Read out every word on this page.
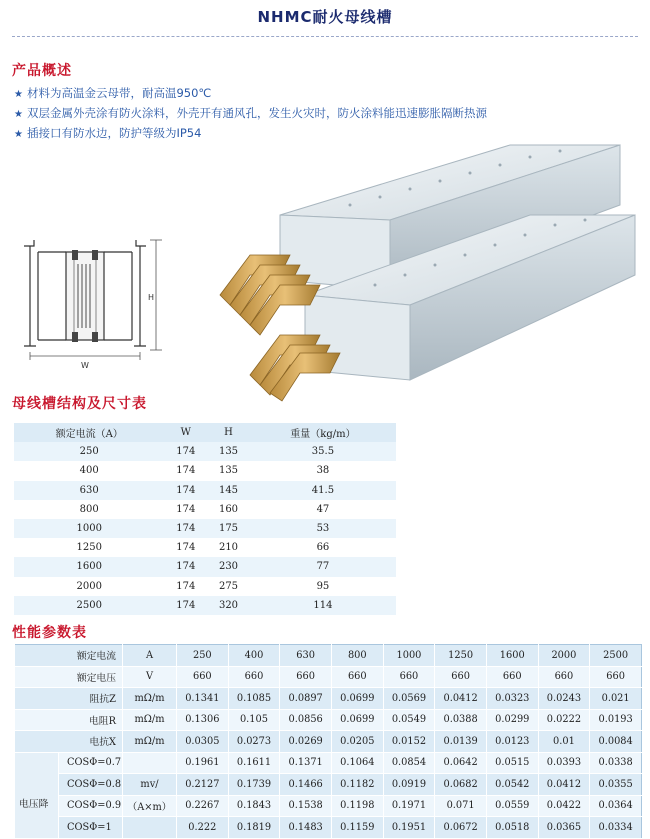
NHMC耐火母线槽
产品概述
★ 材料为高温金云母带，耐高温950℃
★ 双层金属外壳涂有防火涂料，外壳开有通风孔，发生火灾时，防火涂料能迅速膨胀隔断热源
★ 插接口有防水边，防护等级为IP54
H
W
母线槽结构及尺寸表
额定电流（A）	W	H	重量（kg/m）
250	174	135	35.5
400	174	135	38
630	174	145	41.5
800	174	160	47
1000	174	175	53
1250	174	210	66
1600	174	230	77
2000	174	275	95
2500	174	320	114
性能参数表
额定电流		A	250	400	630	800	1000	1250	1600	2000	2500
额定电压		V	660	660	660	660	660	660	660	660	660
阻抗Z		mΩ/m	0.1341	0.1085	0.0897	0.0699	0.0569	0.0412	0.0323	0.0243	0.021
电阻R		mΩ/m	0.1306	0.105	0.0856	0.0699	0.0549	0.0388	0.0299	0.0222	0.0193
电抗X		mΩ/m	0.0305	0.0273	0.0269	0.0205	0.0152	0.0139	0.0123	0.01	0.0084
电压降	COSΦ=0.7		0.1961	0.1611	0.1371	0.1064	0.0854	0.0642	0.0515	0.0393	0.0338
	COSΦ=0.8	mv/	0.2127	0.1739	0.1466	0.1182	0.0919	0.0682	0.0542	0.0412	0.0355
	COSΦ=0.9	（A×m）	0.2267	0.1843	0.1538	0.1198	0.1971	0.071	0.0559	0.0422	0.0364
	COSΦ=1		0.222	0.1819	0.1483	0.1159	0.1951	0.0672	0.0518	0.0365	0.0334
